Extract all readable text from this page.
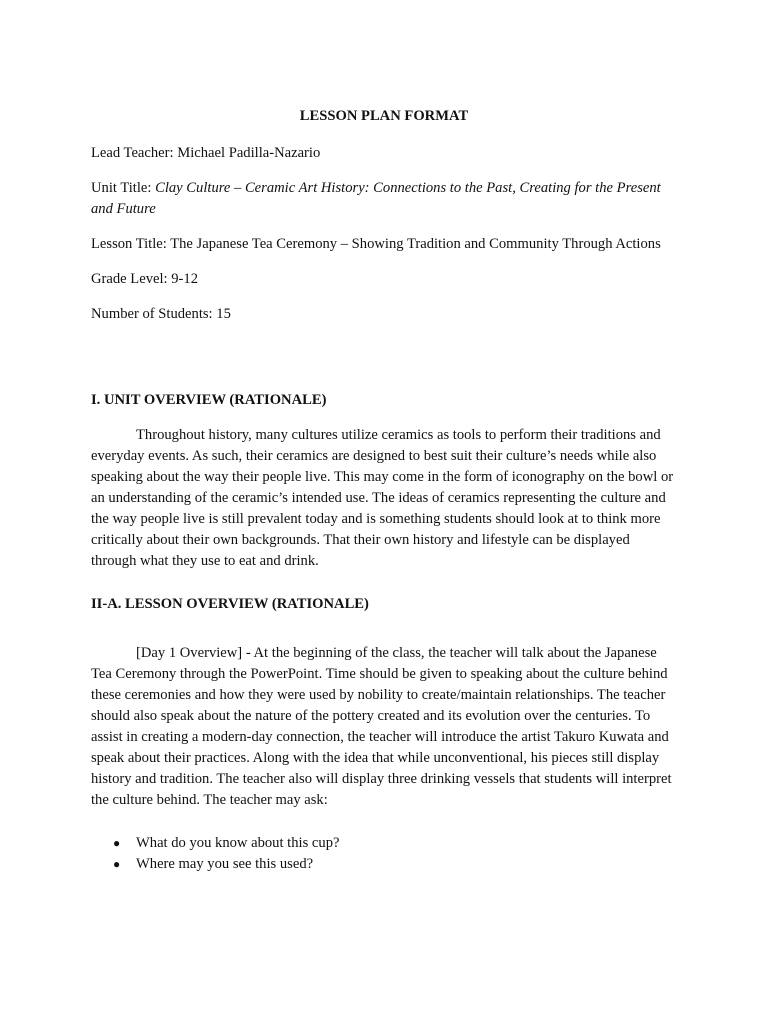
LESSON PLAN FORMAT
Lead Teacher: Michael Padilla-Nazario
Unit Title: Clay Culture – Ceramic Art History: Connections to the Past, Creating for the Present and Future
Lesson Title: The Japanese Tea Ceremony – Showing Tradition and Community Through Actions
Grade Level: 9-12
Number of Students: 15
I. UNIT OVERVIEW (RATIONALE)
Throughout history, many cultures utilize ceramics as tools to perform their traditions and everyday events. As such, their ceramics are designed to best suit their culture’s needs while also speaking about the way their people live. This may come in the form of iconography on the bowl or an understanding of the ceramic’s intended use. The ideas of ceramics representing the culture and the way people live is still prevalent today and is something students should look at to think more critically about their own backgrounds. That their own history and lifestyle can be displayed through what they use to eat and drink.
II-A. LESSON OVERVIEW (RATIONALE)
[Day 1 Overview] - At the beginning of the class, the teacher will talk about the Japanese Tea Ceremony through the PowerPoint. Time should be given to speaking about the culture behind these ceremonies and how they were used by nobility to create/maintain relationships. The teacher should also speak about the nature of the pottery created and its evolution over the centuries. To assist in creating a modern-day connection, the teacher will introduce the artist Takuro Kuwata and speak about their practices. Along with the idea that while unconventional, his pieces still display history and tradition. The teacher also will display three drinking vessels that students will interpret the culture behind. The teacher may ask:
● What do you know about this cup?
● Where may you see this used?
